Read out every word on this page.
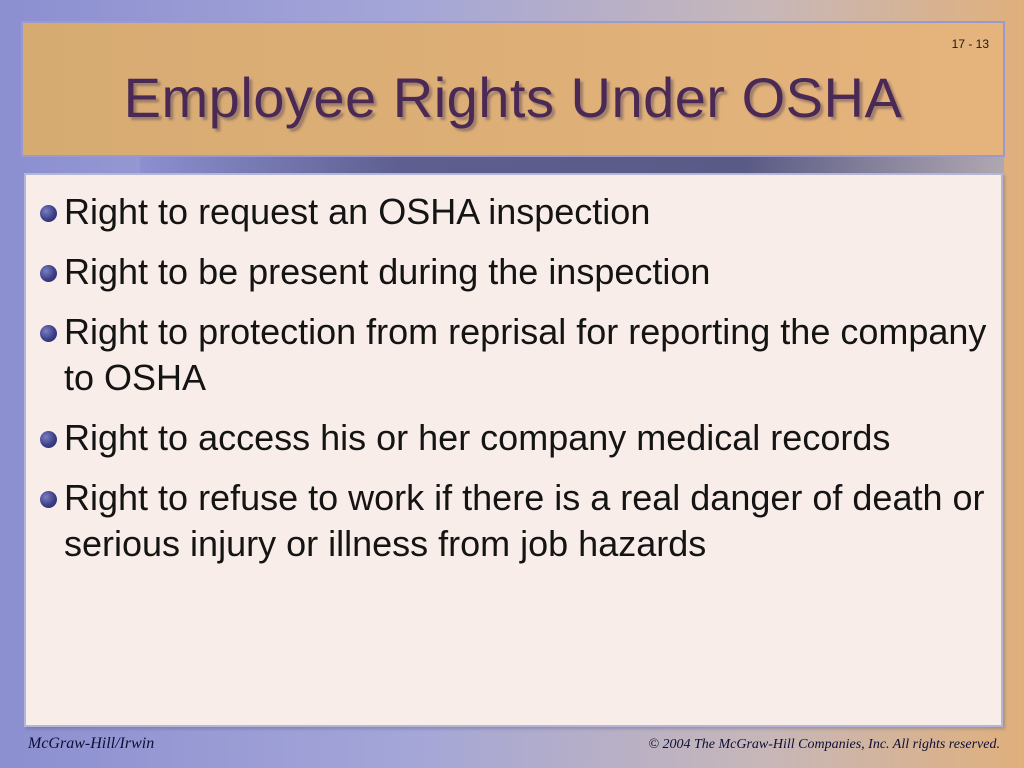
17 - 13
Employee Rights Under OSHA
Right to request an OSHA inspection
Right to be present during the inspection
Right to protection from reprisal for reporting the company to OSHA
Right to access his or her company medical records
Right to refuse to work if there is a real danger of death or serious injury or illness from job hazards
McGraw-Hill/Irwin	© 2004 The McGraw-Hill Companies, Inc. All rights reserved.
